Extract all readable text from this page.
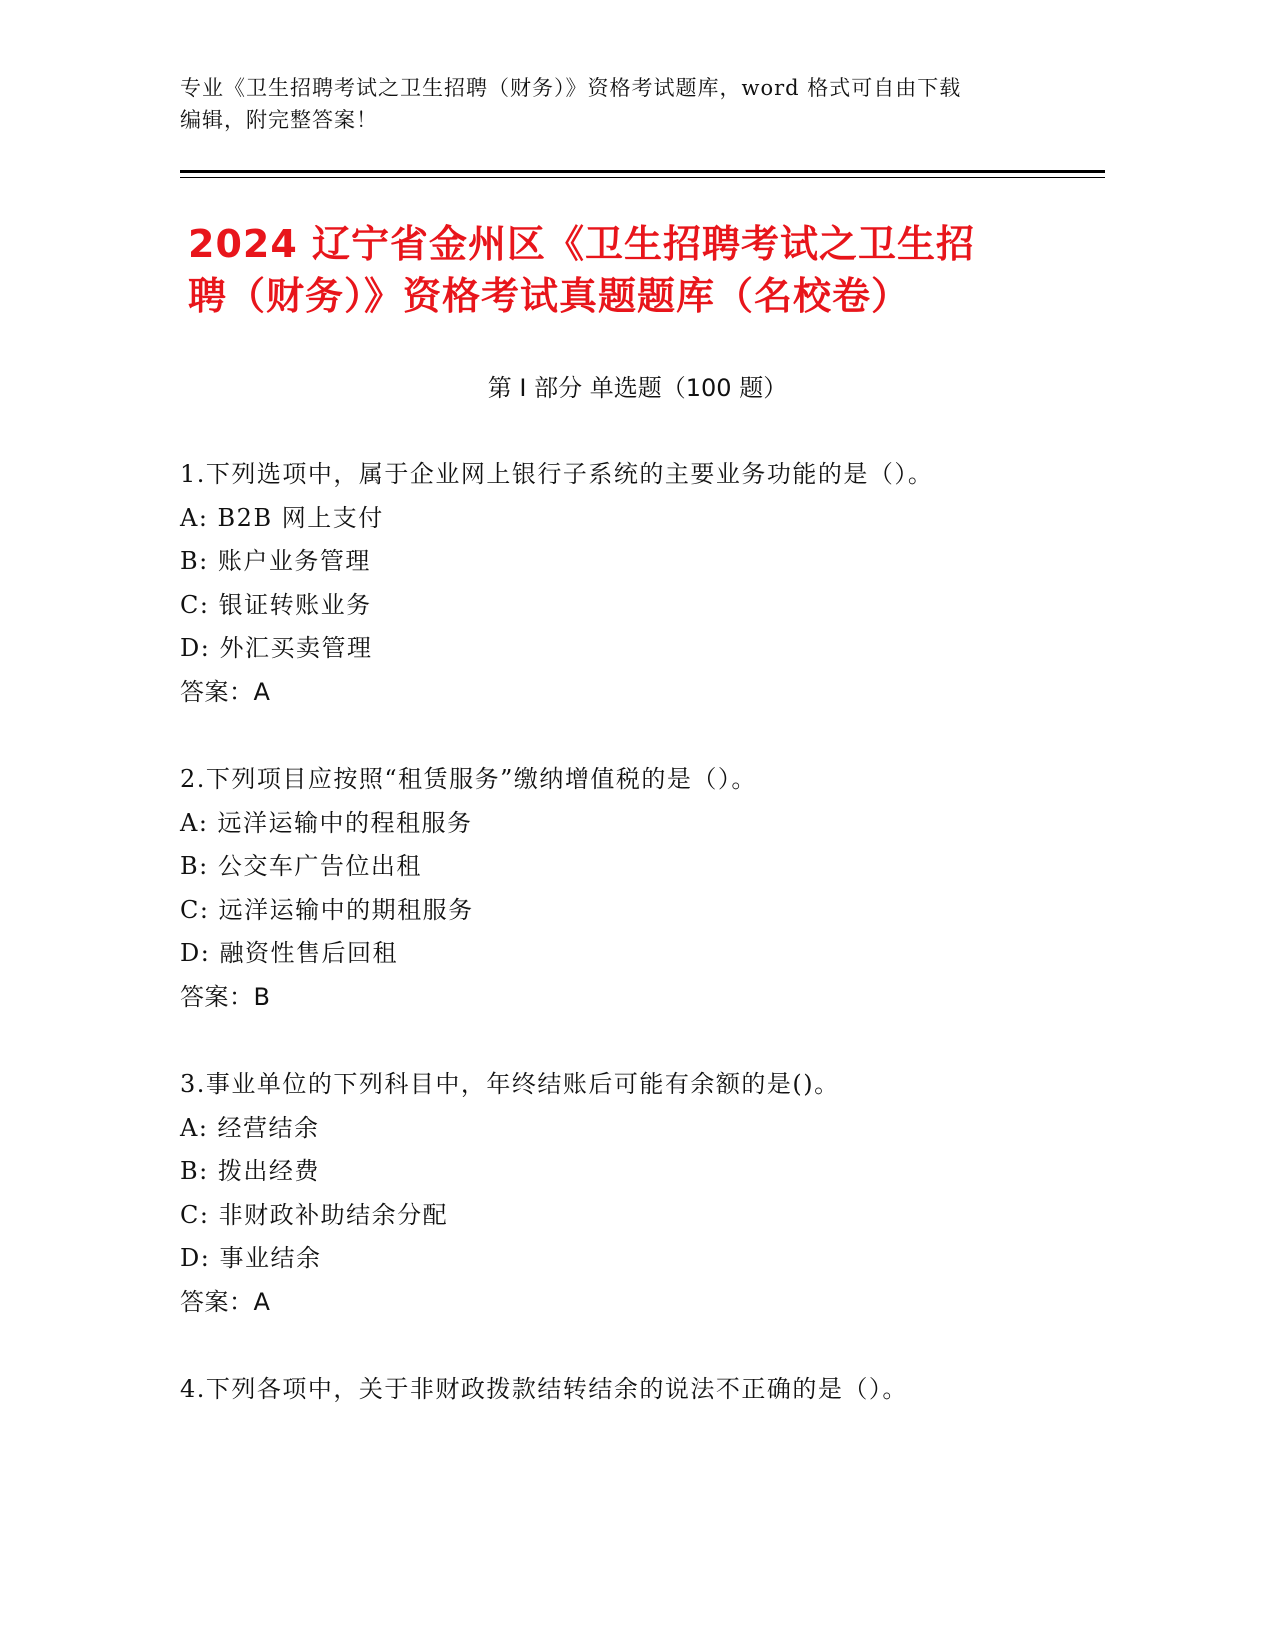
专业《卫生招聘考试之卫生招聘（财务）》资格考试题库，word 格式可自由下载
编辑，附完整答案！
2024 辽宁省金州区《卫生招聘考试之卫生招
聘（财务）》资格考试真题题库（名校卷）
第 I 部分 单选题（100 题）
1.下列选项中，属于企业网上银行子系统的主要业务功能的是（）。
A: B2B 网上支付
B: 账户业务管理
C: 银证转账业务
D: 外汇买卖管理
答案：A
2.下列项目应按照“租赁服务”缴纳增值税的是（）。
A: 远洋运输中的程租服务
B: 公交车广告位出租
C: 远洋运输中的期租服务
D: 融资性售后回租
答案：B
3.事业单位的下列科目中，年终结账后可能有余额的是()。
A: 经营结余
B: 拨出经费
C: 非财政补助结余分配
D: 事业结余
答案：A
4.下列各项中，关于非财政拨款结转结余的说法不正确的是（）。
